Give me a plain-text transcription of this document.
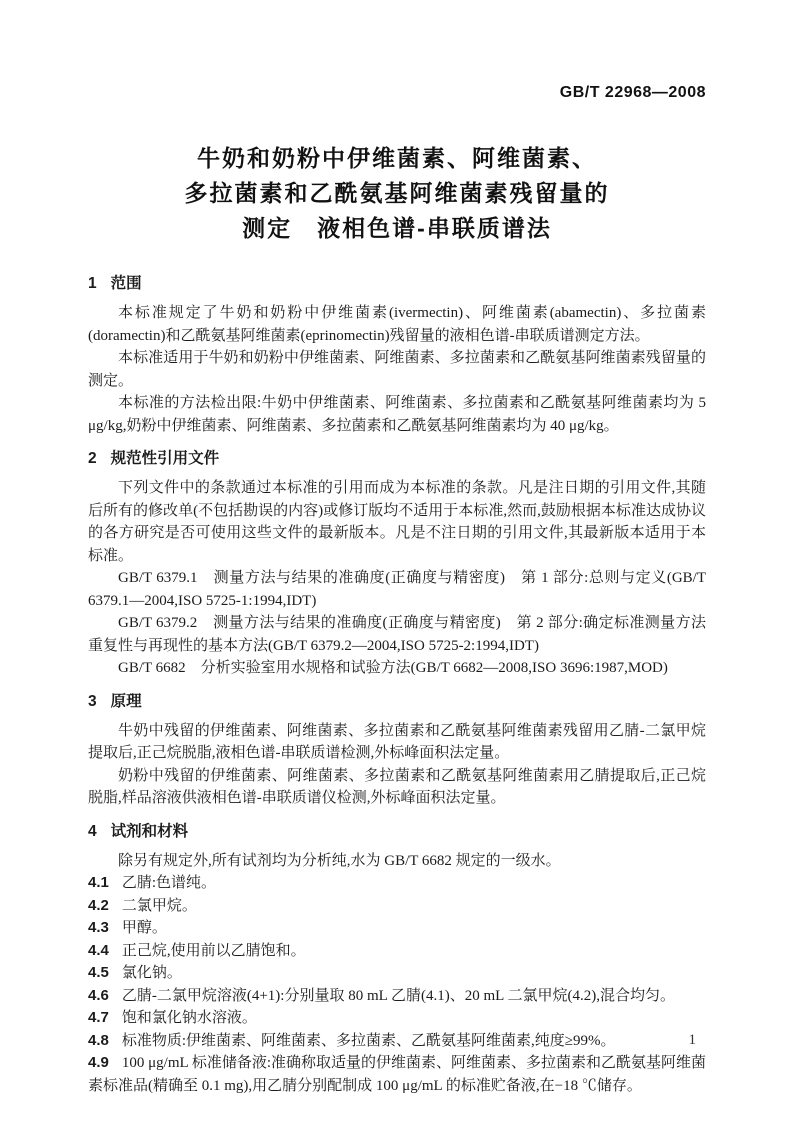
GB/T 22968—2008
牛奶和奶粉中伊维菌素、阿维菌素、
多拉菌素和乙酰氨基阿维菌素残留量的
测定　液相色谱-串联质谱法
1 范围

本标准规定了牛奶和奶粉中伊维菌素(ivermectin)、阿维菌素(abamectin)、多拉菌素(doramectin)和乙酰氨基阿维菌素(eprinomectin)残留量的液相色谱-串联质谱测定方法。

本标准适用于牛奶和奶粉中伊维菌素、阿维菌素、多拉菌素和乙酰氨基阿维菌素残留量的测定。

本标准的方法检出限:牛奶中伊维菌素、阿维菌素、多拉菌素和乙酰氨基阿维菌素均为 5 μg/kg,奶粉中伊维菌素、阿维菌素、多拉菌素和乙酰氨基阿维菌素均为 40 μg/kg。

2 规范性引用文件

下列文件中的条款通过本标准的引用而成为本标准的条款。凡是注日期的引用文件,其随后所有的修改单(不包括勘误的内容)或修订版均不适用于本标准,然而,鼓励根据本标准达成协议的各方研究是否可使用这些文件的最新版本。凡是不注日期的引用文件,其最新版本适用于本标准。

GB/T 6379.1　测量方法与结果的准确度(正确度与精密度)　第 1 部分:总则与定义(GB/T 6379.1—2004,ISO 5725-1:1994,IDT)

GB/T 6379.2　测量方法与结果的准确度(正确度与精密度)　第 2 部分:确定标准测量方法重复性与再现性的基本方法(GB/T 6379.2—2004,ISO 5725-2:1994,IDT)

GB/T 6682　分析实验室用水规格和试验方法(GB/T 6682—2008,ISO 3696:1987,MOD)

3 原理

牛奶中残留的伊维菌素、阿维菌素、多拉菌素和乙酰氨基阿维菌素残留用乙腈-二氯甲烷提取后,正己烷脱脂,液相色谱-串联质谱检测,外标峰面积法定量。

奶粉中残留的伊维菌素、阿维菌素、多拉菌素和乙酰氨基阿维菌素用乙腈提取后,正己烷脱脂,样品溶液供液相色谱-串联质谱仪检测,外标峰面积法定量。

4 试剂和材料

除另有规定外,所有试剂均为分析纯,水为 GB/T 6682 规定的一级水。

4.1 乙腈:色谱纯。

4.2 二氯甲烷。

4.3 甲醇。

4.4 正己烷,使用前以乙腈饱和。

4.5 氯化钠。

4.6 乙腈-二氯甲烷溶液(4+1):分别量取 80 mL 乙腈(4.1)、20 mL 二氯甲烷(4.2),混合均匀。

4.7 饱和氯化钠水溶液。

4.8 标准物质:伊维菌素、阿维菌素、多拉菌素、乙酰氨基阿维菌素,纯度≥99%。

4.9 100 μg/mL 标准储备液:准确称取适量的伊维菌素、阿维菌素、多拉菌素和乙酰氨基阿维菌素标准品(精确至 0.1 mg),用乙腈分别配制成 100 μg/mL 的标准贮备液,在−18 ℃储存。

1
